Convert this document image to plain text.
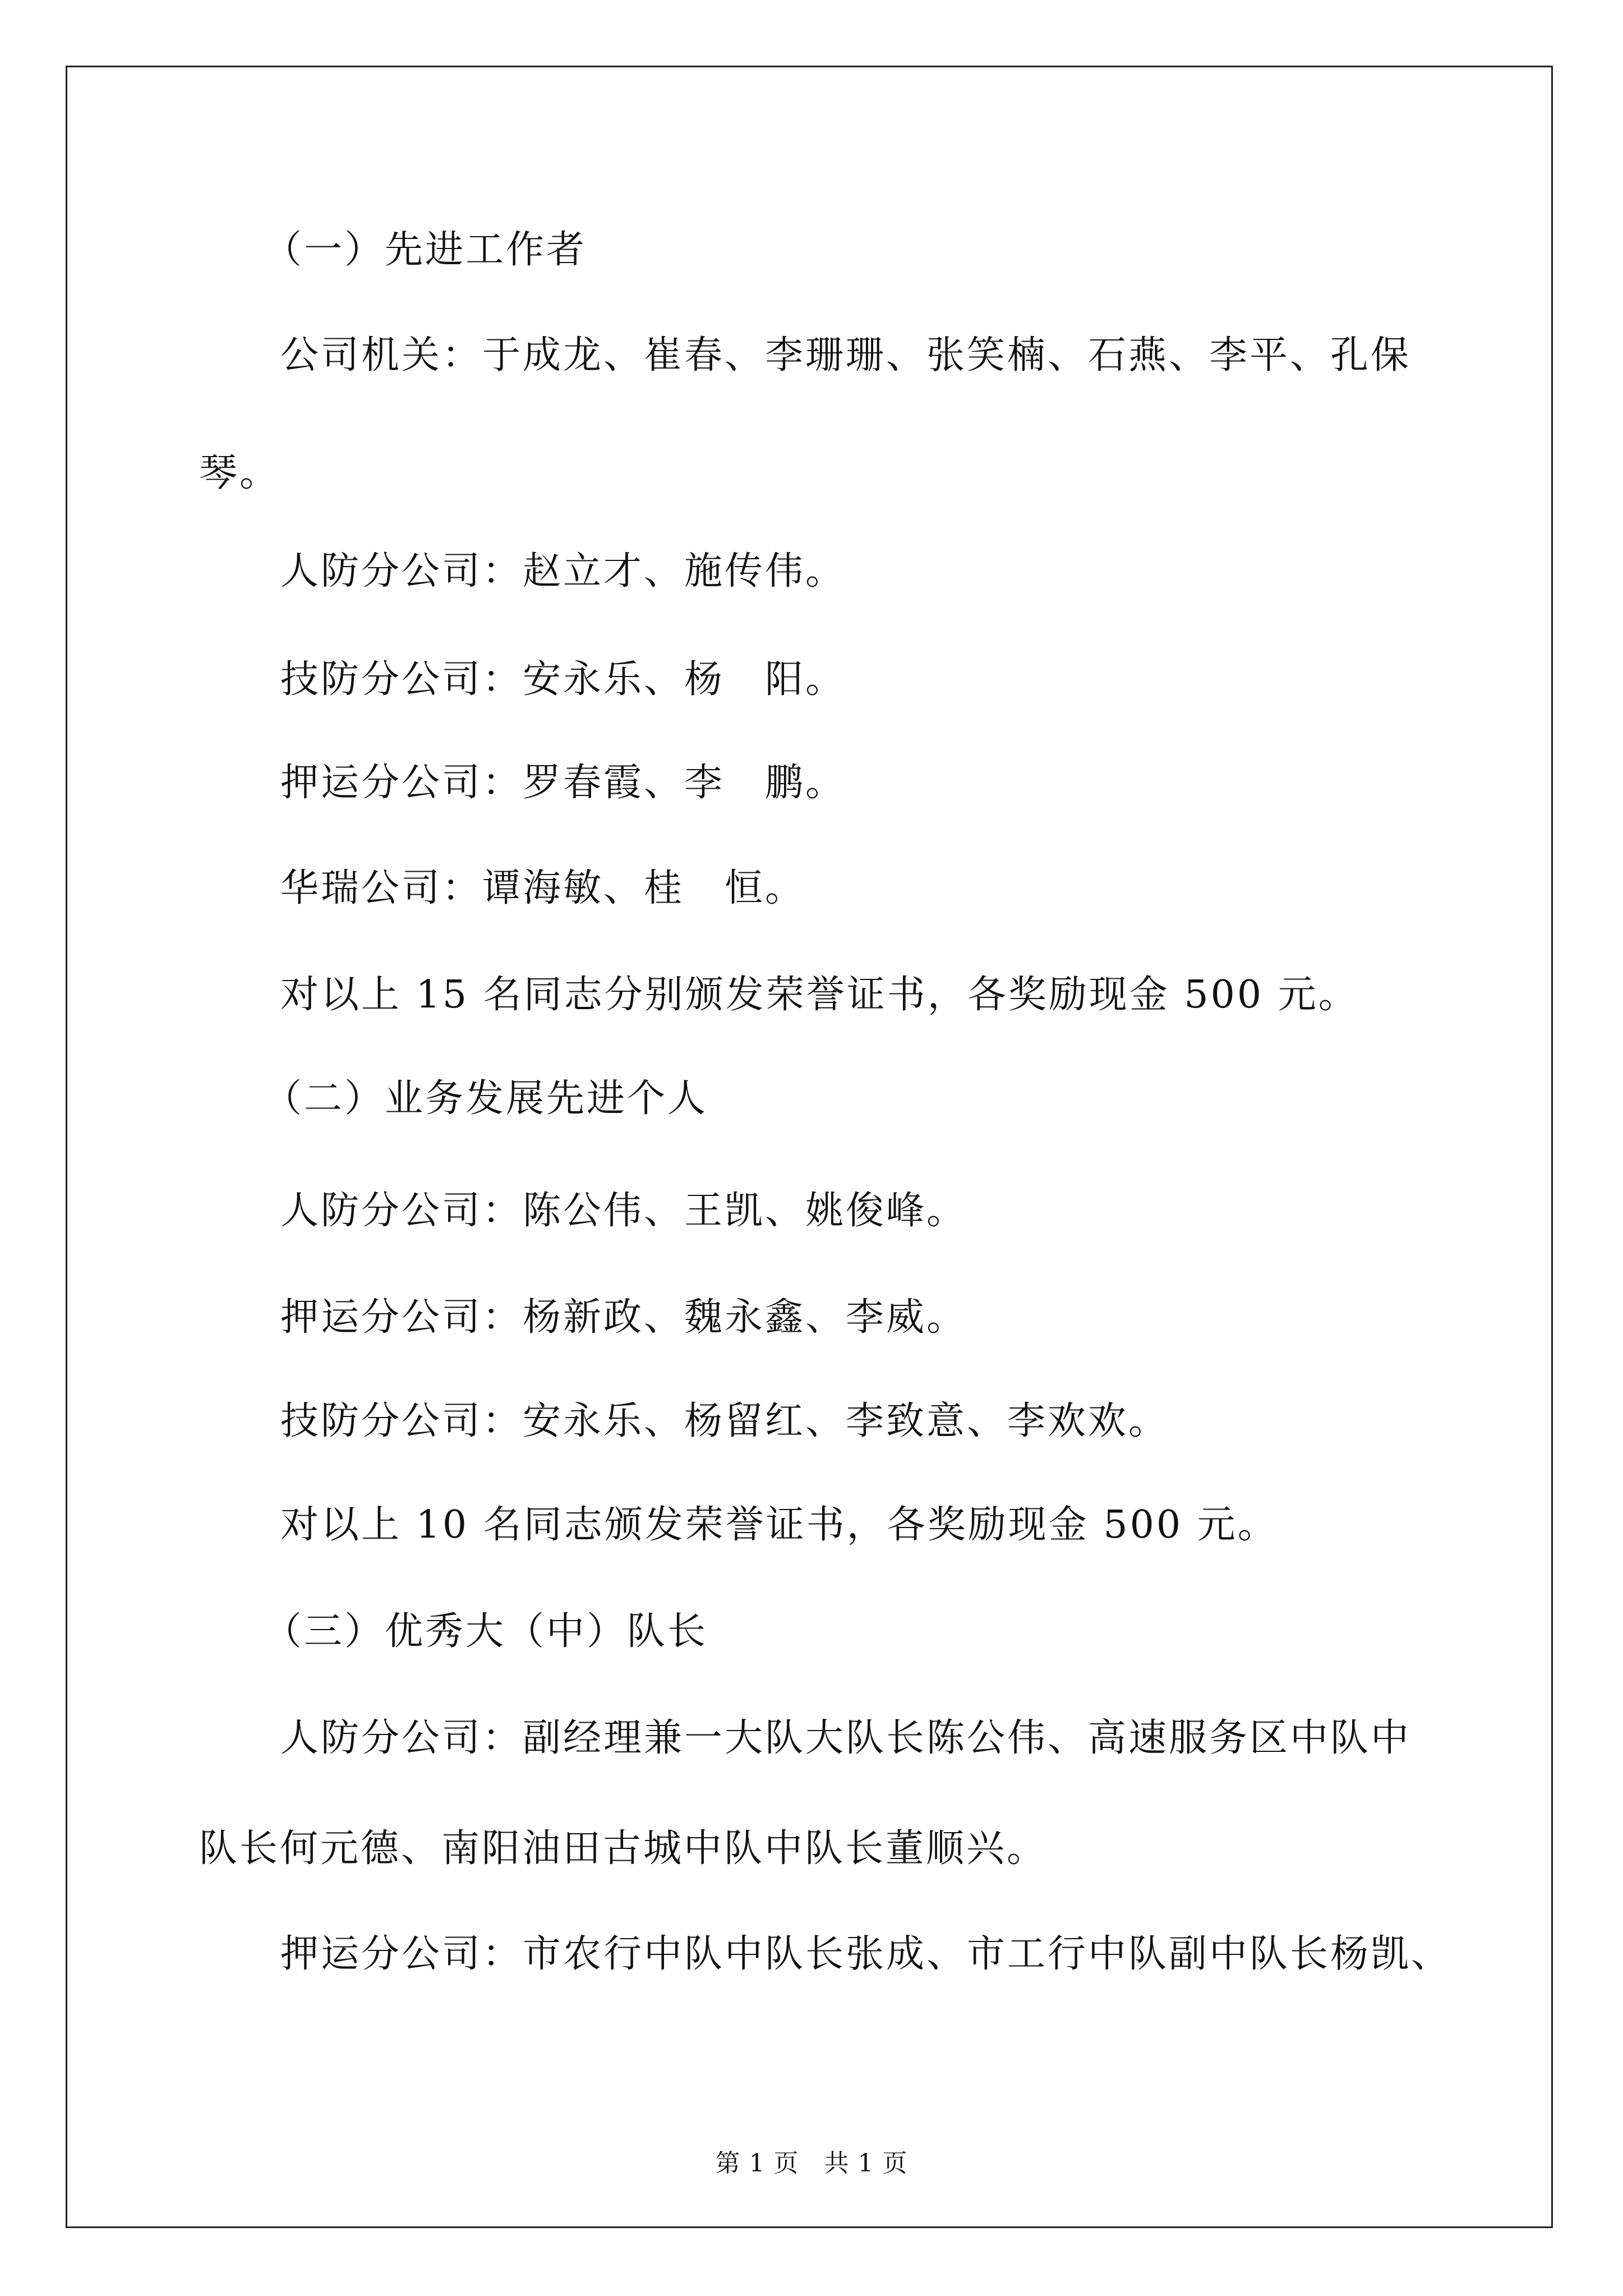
（一）先进工作者
公司机关：于成龙、崔春、李珊珊、张笑楠、石燕、李平、孔保
琴。
人防分公司：赵立才、施传伟。
技防分公司：安永乐、杨　阳。
押运分公司：罗春霞、李　鹏。
华瑞公司：谭海敏、桂　恒。
对以上 15 名同志分别颁发荣誉证书，各奖励现金 500 元。
（二）业务发展先进个人
人防分公司：陈公伟、王凯、姚俊峰。
押运分公司：杨新政、魏永鑫、李威。
技防分公司：安永乐、杨留红、李致意、李欢欢。
对以上 10 名同志颁发荣誉证书，各奖励现金 500 元。
（三）优秀大（中）队长
人防分公司：副经理兼一大队大队长陈公伟、高速服务区中队中
队长何元德、南阳油田古城中队中队长董顺兴。
押运分公司：市农行中队中队长张成、市工行中队副中队长杨凯、
第 1 页　共 1 页
